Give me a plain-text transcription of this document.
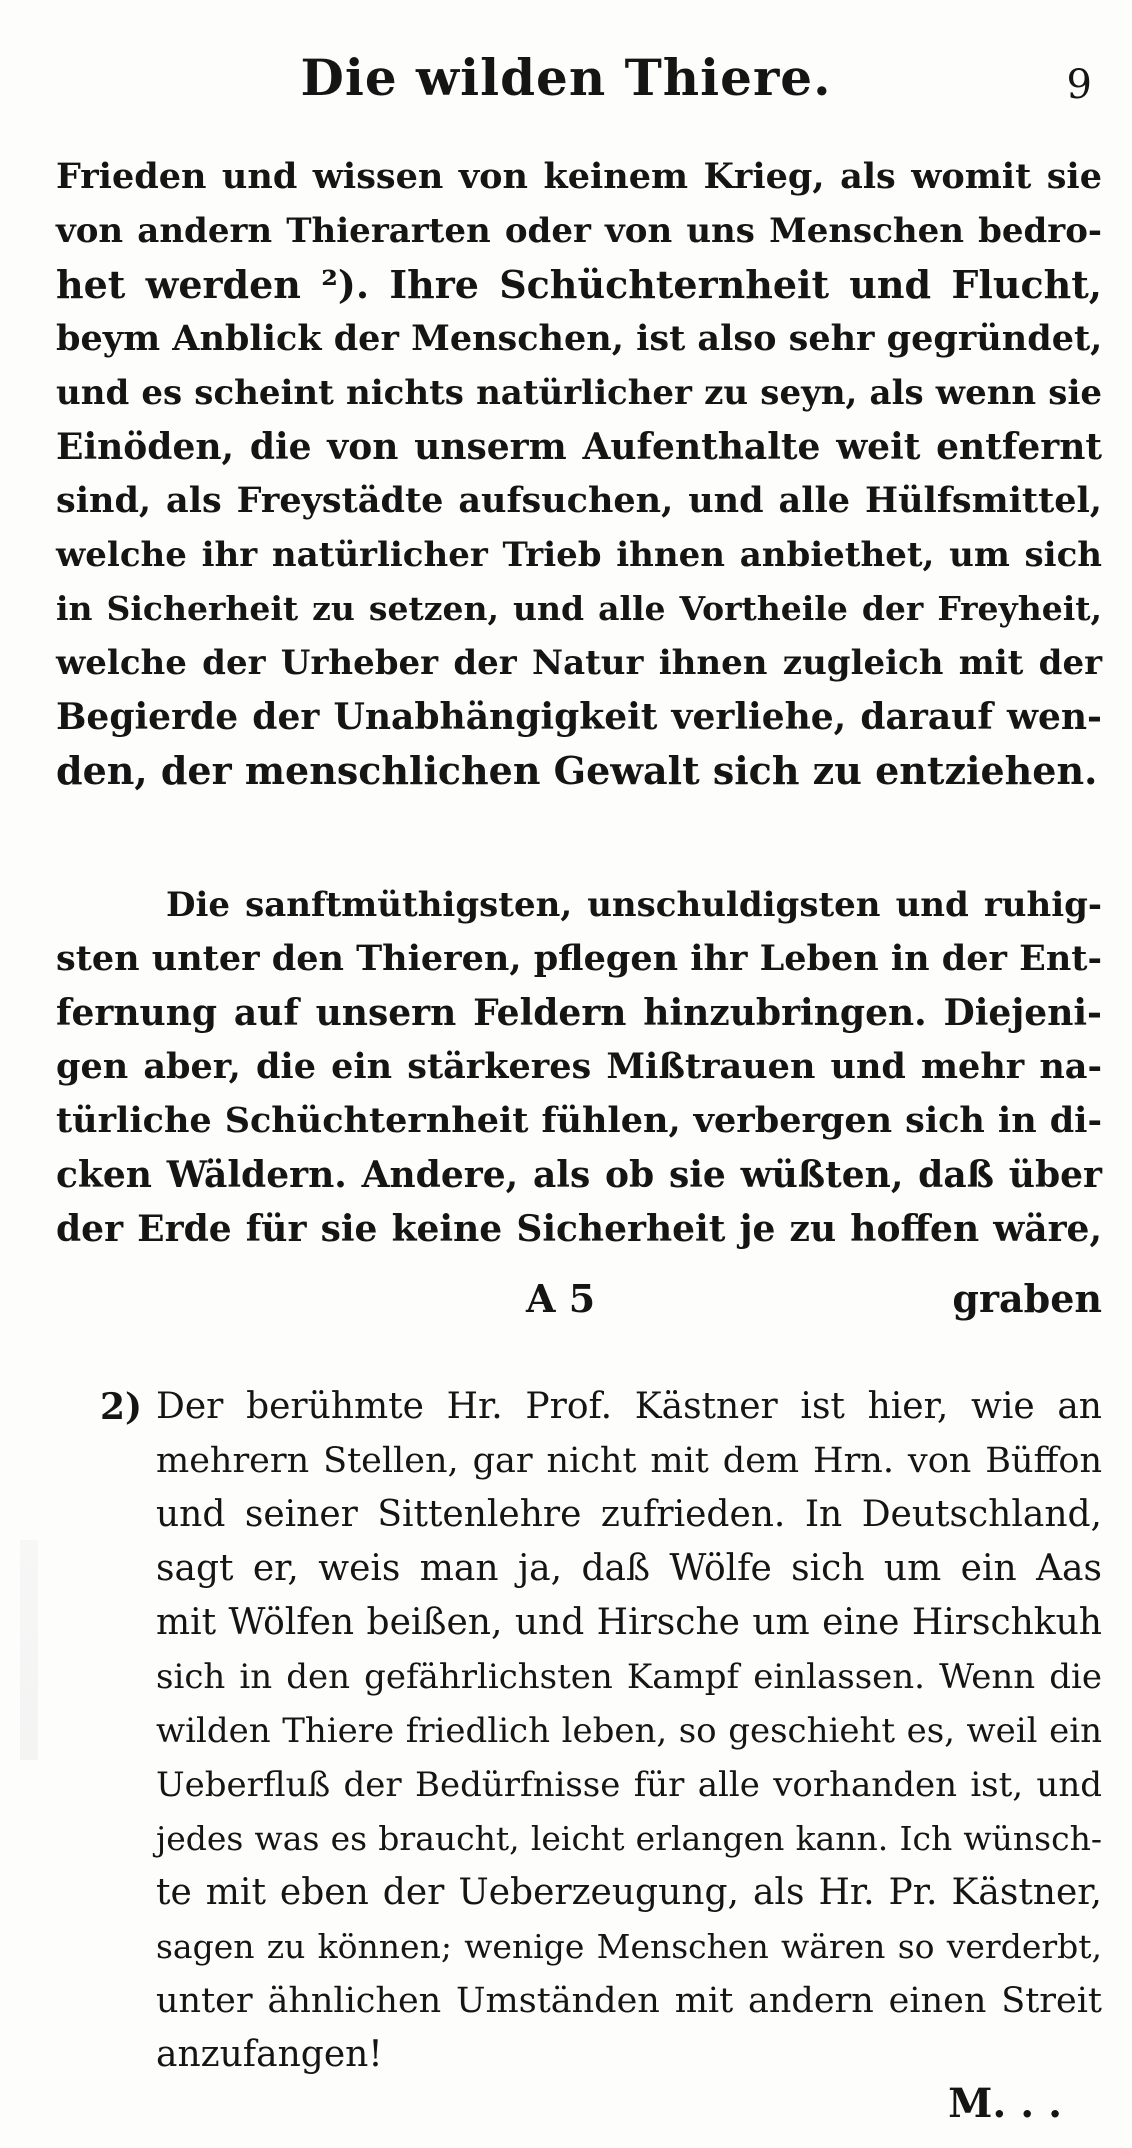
Die wilden Thiere.	9
Frieden und wissen von keinem Krieg, als womit sie
von andern Thierarten oder von uns Menschen bedro-
het werden ²). Ihre Schüchternheit und Flucht,
beym Anblick der Menschen, ist also sehr gegründet,
und es scheint nichts natürlicher zu seyn, als wenn sie
Einöden, die von unserm Aufenthalte weit entfernt
sind, als Freystädte aufsuchen, und alle Hülfsmittel,
welche ihr natürlicher Trieb ihnen anbiethet, um sich
in Sicherheit zu setzen, und alle Vortheile der Freyheit,
welche der Urheber der Natur ihnen zugleich mit der
Begierde der Unabhängigkeit verliehe, darauf wen-
den, der menschlichen Gewalt sich zu entziehen.
Die sanftmüthigsten, unschuldigsten und ruhig-
sten unter den Thieren, pflegen ihr Leben in der Ent-
fernung auf unsern Feldern hinzubringen. Diejeni-
gen aber, die ein stärkeres Mißtrauen und mehr na-
türliche Schüchternheit fühlen, verbergen sich in di-
cken Wäldern. Andere, als ob sie wüßten, daß über
der Erde für sie keine Sicherheit je zu hoffen wäre,
A 5	graben
2) Der berühmte Hr. Prof. Kästner ist hier, wie an
mehrern Stellen, gar nicht mit dem Hrn. von Büffon
und seiner Sittenlehre zufrieden. In Deutschland,
sagt er, weis man ja, daß Wölfe sich um ein Aas
mit Wölfen beißen, und Hirsche um eine Hirschkuh
sich in den gefährlichsten Kampf einlassen. Wenn die
wilden Thiere friedlich leben, so geschieht es, weil ein
Ueberfluß der Bedürfnisse für alle vorhanden ist, und
jedes was es braucht, leicht erlangen kann. Ich wünsch-
te mit eben der Ueberzeugung, als Hr. Pr. Kästner,
sagen zu können; wenige Menschen wären so verderbt,
unter ähnlichen Umständen mit andern einen Streit
anzufangen!
M. . .
